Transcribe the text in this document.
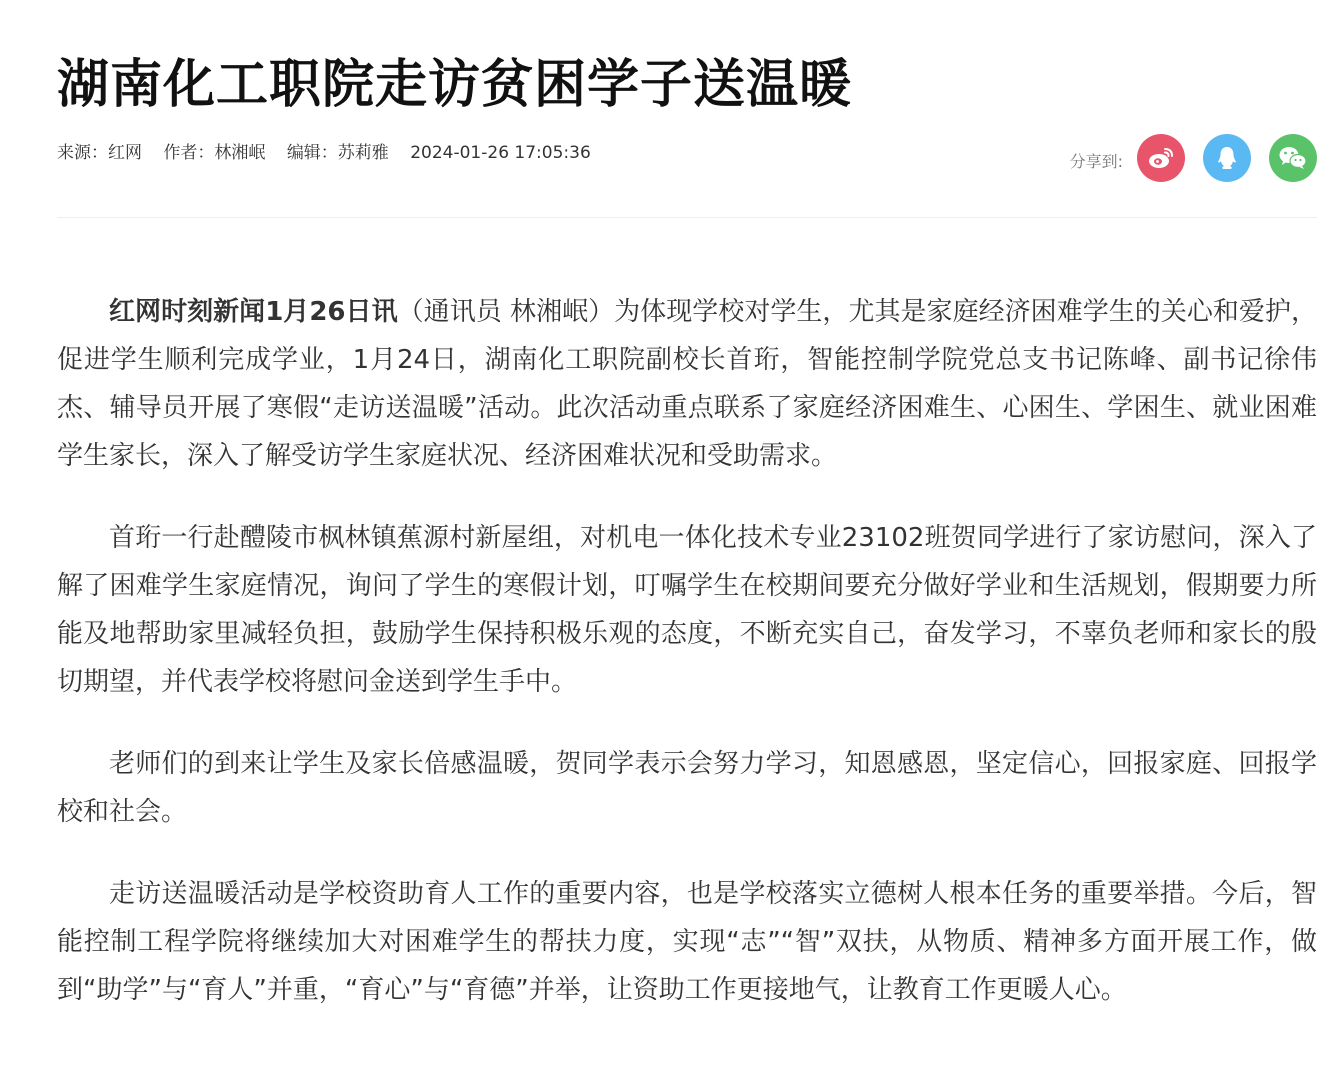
湖南化工职院走访贫困学子送温暖
来源：红网 作者：林湘岷 编辑：苏莉雅 2024-01-26 17:05:36	分享到:

红网时刻新闻1月26日讯（通讯员 林湘岷）为体现学校对学生，尤其是家庭经济困难学生的关心和爱护，促进学生顺利完成学业，1月24日，湖南化工职院副校长首珩，智能控制学院党总支书记陈峰、副书记徐伟杰、辅导员开展了寒假“走访送温暖”活动。此次活动重点联系了家庭经济困难生、心困生、学困生、就业困难学生家长，深入了解受访学生家庭状况、经济困难状况和受助需求。

首珩一行赴醴陵市枫林镇蕉源村新屋组，对机电一体化技术专业23102班贺同学进行了家访慰问，深入了解了困难学生家庭情况，询问了学生的寒假计划，叮嘱学生在校期间要充分做好学业和生活规划，假期要力所能及地帮助家里减轻负担，鼓励学生保持积极乐观的态度，不断充实自己，奋发学习，不辜负老师和家长的殷切期望，并代表学校将慰问金送到学生手中。

老师们的到来让学生及家长倍感温暖，贺同学表示会努力学习，知恩感恩，坚定信心，回报家庭、回报学校和社会。

走访送温暖活动是学校资助育人工作的重要内容，也是学校落实立德树人根本任务的重要举措。今后，智能控制工程学院将继续加大对困难学生的帮扶力度，实现“志”“智”双扶，从物质、精神多方面开展工作，做到“助学”与“育人”并重，“育心”与“育德”并举，让资助工作更接地气，让教育工作更暖人心。
